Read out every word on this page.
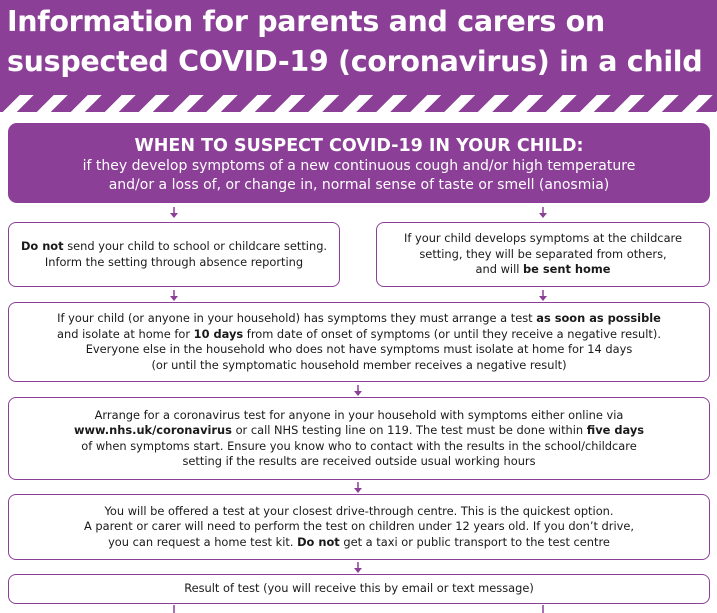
Information for parents and carers on
suspected COVID-19 (coronavirus) in a child
WHEN TO SUSPECT COVID-19 IN YOUR CHILD:
if they develop symptoms of a new continuous cough and/or high temperature
and/or a loss of, or change in, normal sense of taste or smell (anosmia)
Do not send your child to school or childcare setting.
Inform the setting through absence reporting
If your child develops symptoms at the childcare
setting, they will be separated from others,
and will be sent home
If your child (or anyone in your household) has symptoms they must arrange a test as soon as possible
and isolate at home for 10 days from date of onset of symptoms (or until they receive a negative result).
Everyone else in the household who does not have symptoms must isolate at home for 14 days
(or until the symptomatic household member receives a negative result)
Arrange for a coronavirus test for anyone in your household with symptoms either online via
www.nhs.uk/coronavirus or call NHS testing line on 119. The test must be done within five days
of when symptoms start. Ensure you know who to contact with the results in the school/childcare
setting if the results are received outside usual working hours
You will be offered a test at your closest drive-through centre. This is the quickest option.
A parent or carer will need to perform the test on children under 12 years old. If you don’t drive,
you can request a home test kit. Do not get a taxi or public transport to the test centre
Result of test (you will receive this by email or text message)
